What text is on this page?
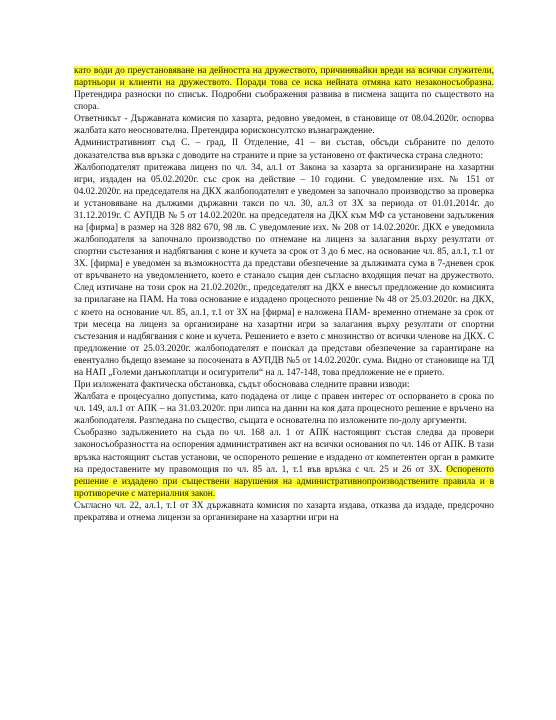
като води до преустановяване на дейността на дружеството, причинявайки вреди на всички служители, партньори и клиенти на дружеството. Поради това се иска нейната отмяна като незаконосъобразна. Претендира разноски по списък. Подробни съображения развива в писмена защита по съществото на спора.

Ответникът - Държавната комисия по хазарта, редовно уведомен, в становище от 08.04.2020г. оспорва жалбата като неоснователна. Претендира юрисконсултско възнаграждение.

Административният съд С. – град, II Отделение, 41 – ви състав, обсъди събраните по делото доказателства във връзка с доводите на страните и прие за установено от фактическа страна следното:

Жалбоподателят притежава лиценз по чл. 34, ал.1 от Закона за хазарта за организиране на хазартни игри, издаден на 05.02.2020г. със срок на действие – 10 години. С уведомление изх. № 151 от 04.02.2020г. на председателя на ДКХ жалбоподателят е уведомен за започнало производство за проверка и установяване на дължими държавни такси по чл. 30, ал.3 от ЗХ за периода от 01.01.2014г. до 31.12.2019г. С АУПДВ № 5 от 14.02.2020г. на председателя на ДКХ към МФ са установени задължения на [фирма] в размер на 328 882 670, 98 лв. С уведомление изх. № 208 от 14.02.2020г. ДКХ е уведомила жалбоподателя за започнало производство по отнемане на лиценз за залагания върху резултати от спортни състезания и надбягвания с коне и кучета за срок от 3 до 6 мес. на основание чл. 85, ал.1, т.1 от ЗХ. [фирма] е уведомен за възможността да представи обезпечение за дължимата сума в 7-дневен срок от връчването на уведомлението, което е станало същия ден съгласно входящия печат на дружеството. След изтичане на този срок на 21.02.2020г., председателят на ДКХ е внесъл предложение до комисията за прилагане на ПАМ. На това основание е издадено процесното решение № 48 от 25.03.2020г. на ДКХ, с което на основание чл. 85, ал.1, т.1 от ЗХ на [фирма] е наложена ПАМ- временно отнемане за срок от три месеца на лиценз за организиране на хазартни игри за залагания върху резултати от спортни състезания и надбягвания с коне и кучета. Решението е взето с мнозинство от всички членове на ДКХ. С предложение от 25.03.2020г. жалбоподателят е поискал да представи обезпечение за гарантиране на евентуално бъдещо вземане за посочената в АУПДВ №5 от 14.02.2020г. сума. Видно от становище на ТД на НАП „Големи данъкоплатци и осигурители“ на л. 147-148, това предложение не е прието.

При изложената фактическа обстановка, съдът обосновава следните правни изводи:

Жалбата е процесуално допустима, като подадена от лице с правен интерес от оспорването в срока по чл. 149, ал.1 от АПК – на 31.03.2020г. при липса на данни на коя дата процесното решение е връчено на жалбоподателя. Разгледана по същество, същата е основателна по изложените по-долу аргументи.

Съобразно задължението на съда по чл. 168 ал. 1 от АПК настоящият състав следва да провери законосъобразността на оспорения административен акт на всички основания по чл. 146 от АПК. В тази връзка настоящият състав установи, че оспореното решение е издадено от компетентен орган в рамките на предоставените му правомощия по чл. 85 ал. 1, т.1 във връзка с чл. 25 и 26 от ЗХ. Оспореното решение е издадено при съществени нарушения на административнопроизводствените правила и в противоречие с материалния закон.

Съгласно чл. 22, ал.1, т.1 от ЗХ държавната комисия по хазарта издава, отказва да издаде, предсрочно прекратява и отнема лицензи за организиране на хазартни игри на
